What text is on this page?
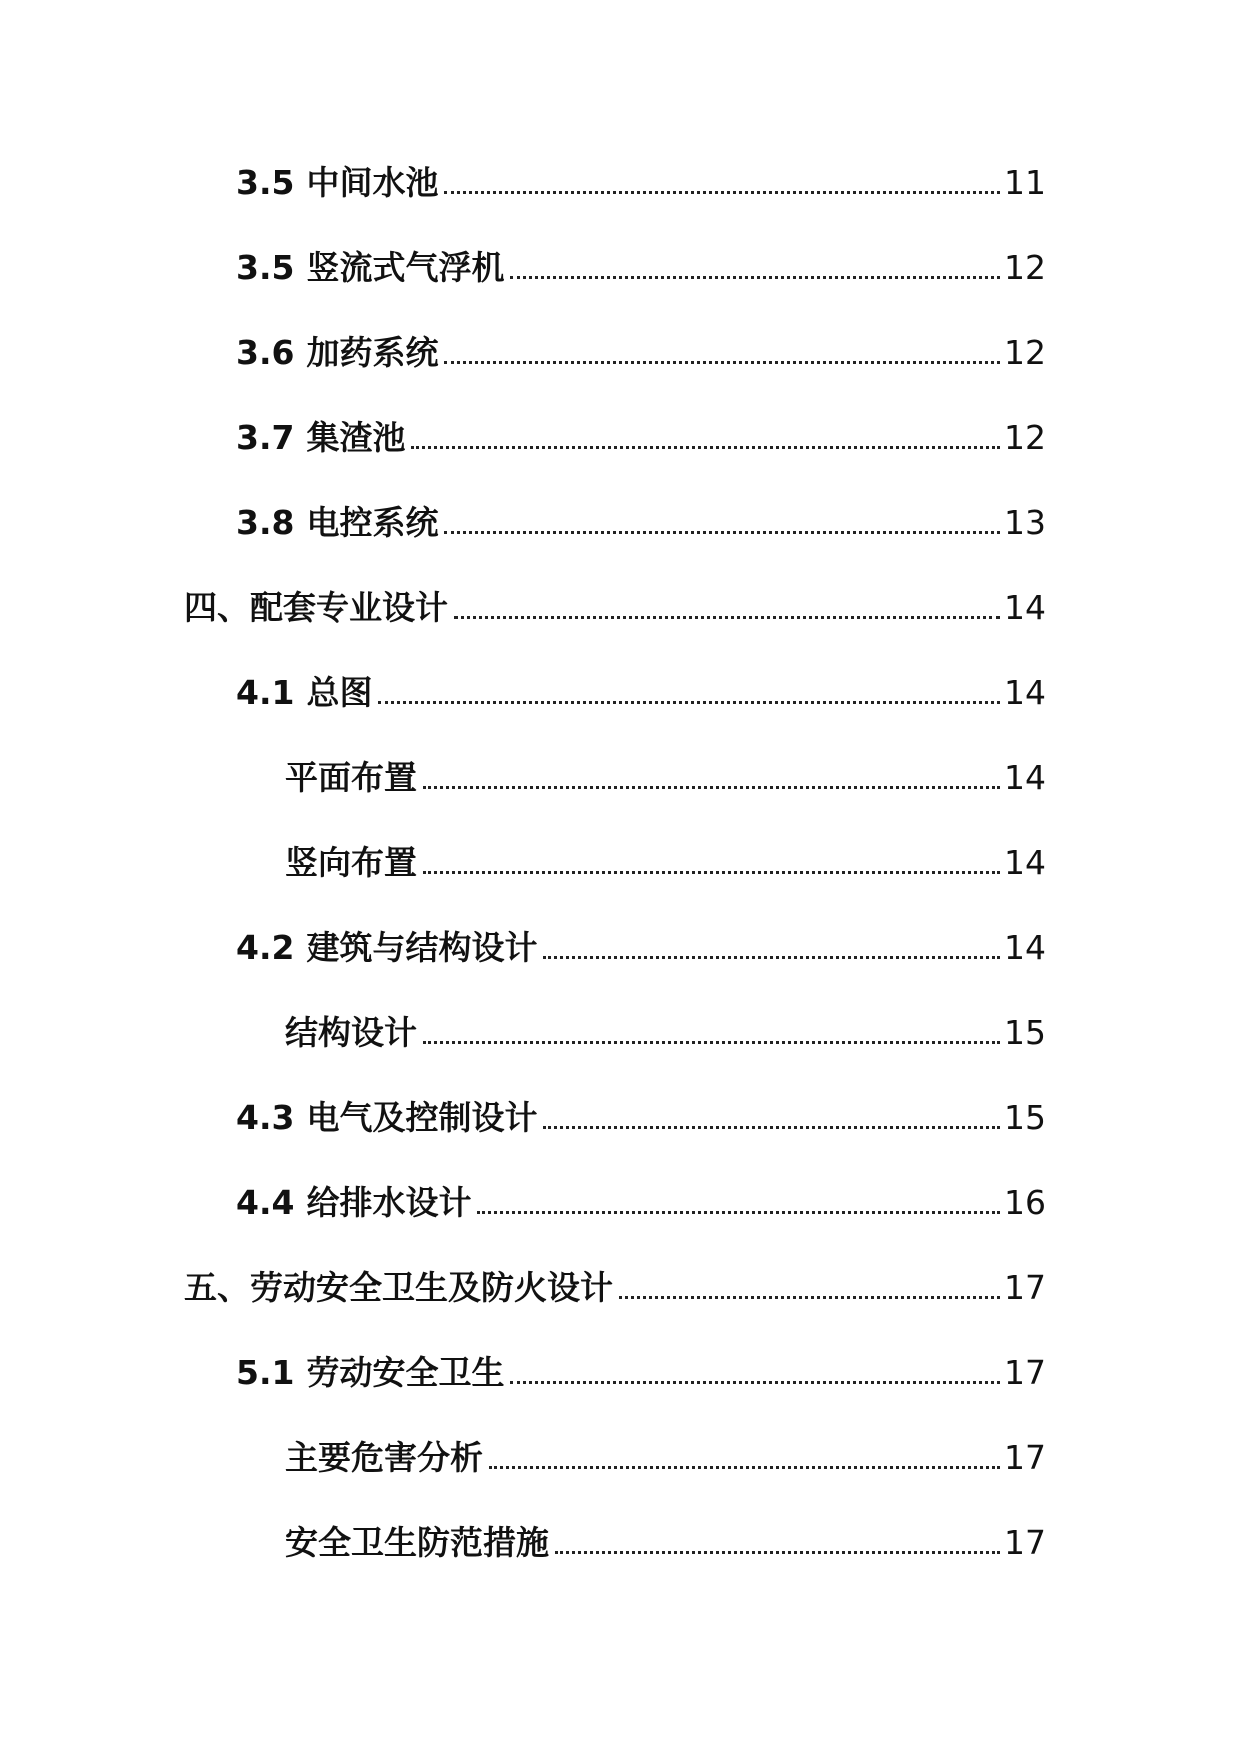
3.5 中间水池	11
3.5 竖流式气浮机	12
3.6 加药系统	12
3.7 集渣池	12
3.8 电控系统	13
四、配套专业设计	14
4.1 总图	14
平面布置	14
竖向布置	14
4.2 建筑与结构设计	14
结构设计	15
4.3 电气及控制设计	15
4.4 给排水设计	16
五、劳动安全卫生及防火设计	17
5.1 劳动安全卫生	17
主要危害分析	17
安全卫生防范措施	17
